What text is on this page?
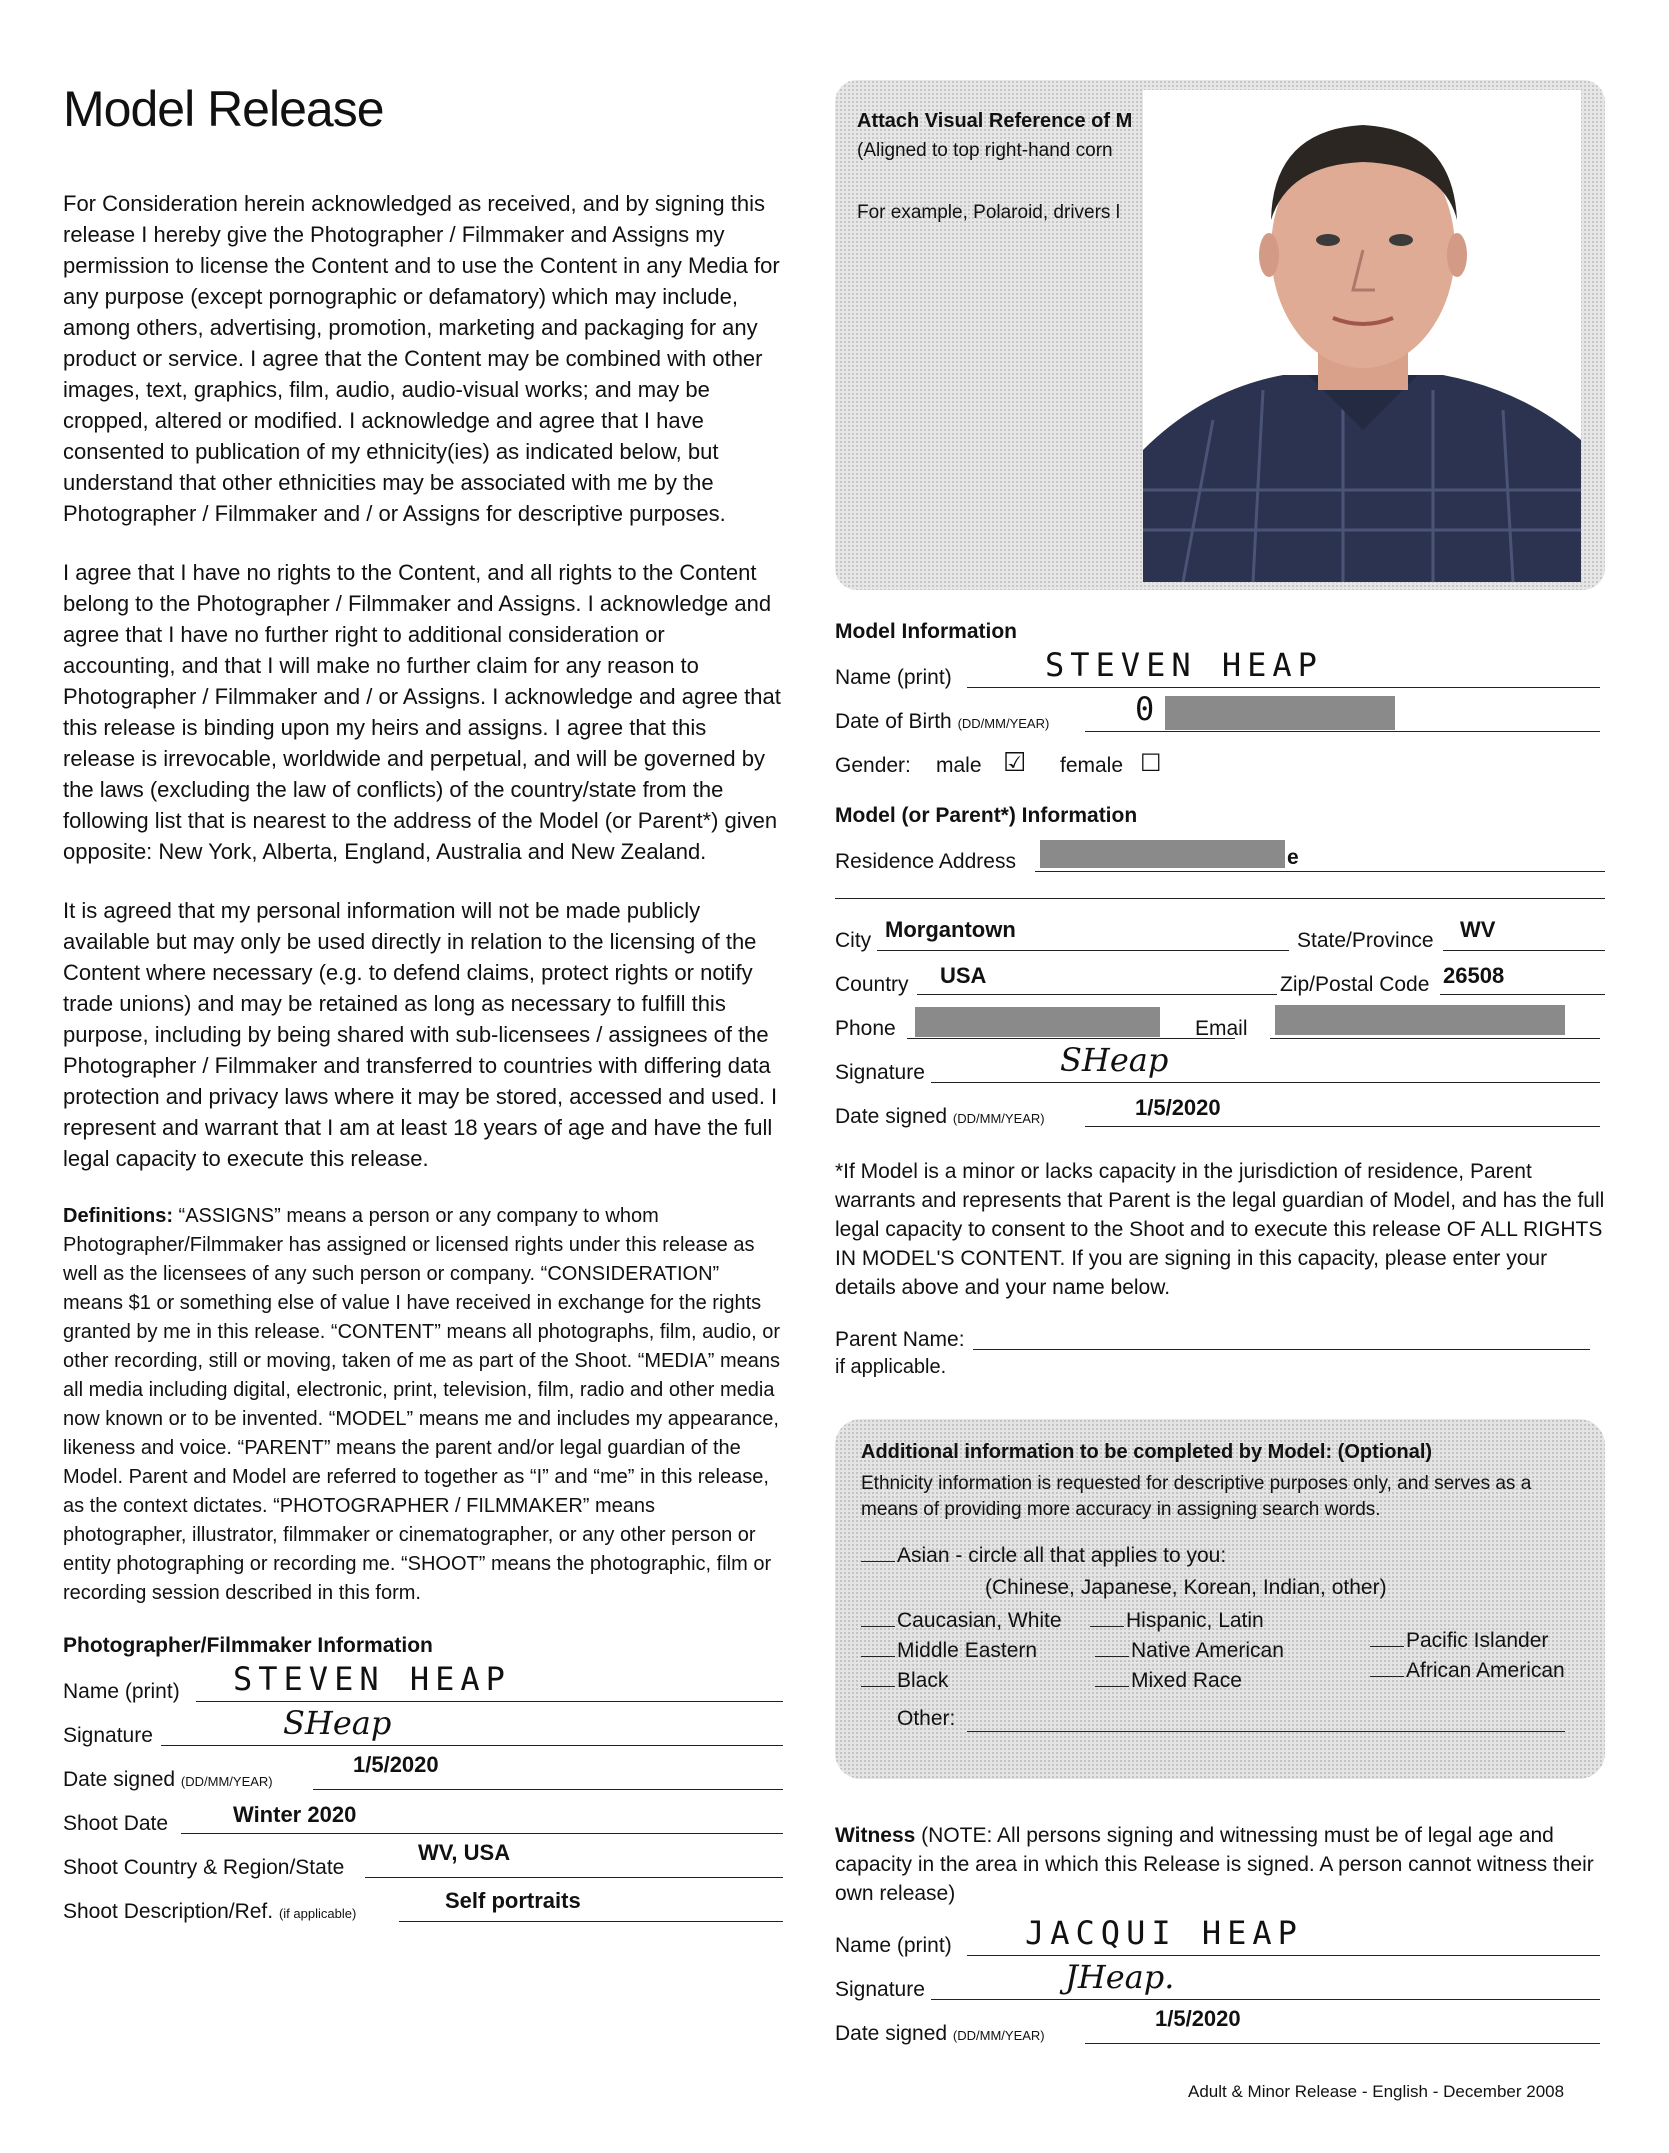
Model Release

For Consideration herein acknowledged as received, and by signing this release I hereby give the Photographer / Filmmaker and Assigns my permission to license the Content and to use the Content in any Media for any purpose (except pornographic or defamatory) which may include, among others, advertising, promotion, marketing and packaging for any product or service. I agree that the Content may be combined with other images, text, graphics, film, audio, audio-visual works; and may be cropped, altered or modified. I acknowledge and agree that I have consented to publication of my ethnicity(ies) as indicated below, but understand that other ethnicities may be associated with me by the Photographer / Filmmaker and / or Assigns for descriptive purposes.

I agree that I have no rights to the Content, and all rights to the Content belong to the Photographer / Filmmaker and Assigns. I acknowledge and agree that I have no further right to additional consideration or accounting, and that I will make no further claim for any reason to Photographer / Filmmaker and / or Assigns. I acknowledge and agree that this release is binding upon my heirs and assigns. I agree that this release is irrevocable, worldwide and perpetual, and will be governed by the laws (excluding the law of conflicts) of the country/state from the following list that is nearest to the address of the Model (or Parent*) given opposite: New York, Alberta, England, Australia and New Zealand.

It is agreed that my personal information will not be made publicly available but may only be used directly in relation to the licensing of the Content where necessary (e.g. to defend claims, protect rights or notify trade unions) and may be retained as long as necessary to fulfill this purpose, including by being shared with sub-licensees / assignees of the Photographer / Filmmaker and transferred to countries with differing data protection and privacy laws where it may be stored, accessed and used. I represent and warrant that I am at least 18 years of age and have the full legal capacity to execute this release.

Definitions: “ASSIGNS” means a person or any company to whom Photographer/Filmmaker has assigned or licensed rights under this release as well as the licensees of any such person or company. “CONSIDERATION” means $1 or something else of value I have received in exchange for the rights granted by me in this release. “CONTENT” means all photographs, film, audio, or other recording, still or moving, taken of me as part of the Shoot. “MEDIA” means all media including digital, electronic, print, television, film, radio and other media now known or to be invented. “MODEL” means me and includes my appearance, likeness and voice. “PARENT” means the parent and/or legal guardian of the Model. Parent and Model are referred to together as “I” and “me” in this release, as the context dictates. “PHOTOGRAPHER / FILMMAKER” means photographer, illustrator, filmmaker or cinematographer, or any other person or entity photographing or recording me. “SHOOT” means the photographic, film or recording session described in this form.

Photographer/Filmmaker Information
Name (print) STEVEN HEAP
Signature	SHeap
Date signed (DD/MM/YEAR)
1/5/2020
Shoot Date	Winter 2020
Shoot Country & Region/State
WV, USA
Shoot Description/Ref. (if applicable)
Self portraits
Attach Visual Reference of M
(Aligned to top right-hand corn
For example, Polaroid, drivers l
Model Information
Name (print)	STEVEN HEAP
Date of Birth (DD/MM/YEAR)	0
Gender: male ☑ female ☐
Model (or Parent*) Information
Residence Address	e
City Morgantown	State/Province WV
Country USA	Zip/Postal Code 26508
Phone	Email
Signature	SHeap
Date signed (DD/MM/YEAR)	1/5/2020

*If Model is a minor or lacks capacity in the jurisdiction of residence, Parent warrants and represents that Parent is the legal guardian of Model, and has the full legal capacity to consent to the Shoot and to execute this release OF ALL RIGHTS IN MODEL'S CONTENT. If you are signing in this capacity, please enter your details above and your name below.

Parent Name:
if applicable.
Additional information to be completed by Model: (Optional)
Ethnicity information is requested for descriptive purposes only, and serves as a means of providing more accuracy in assigning search words.
Asian - circle all that applies to you:
(Chinese, Japanese, Korean, Indian, other)
Caucasian, White	Hispanic, Latin
Middle Eastern	Native American	Pacific Islander
Black	Mixed Race	African American
Other:

Witness (NOTE: All persons signing and witnessing must be of legal age and capacity in the area in which this Release is signed. A person cannot witness their own release)

Name (print) JACQUI HEAP
Signature	JHeap.
Date signed (DD/MM/YEAR)
1/5/2020
Adult & Minor Release - English - December 2008
